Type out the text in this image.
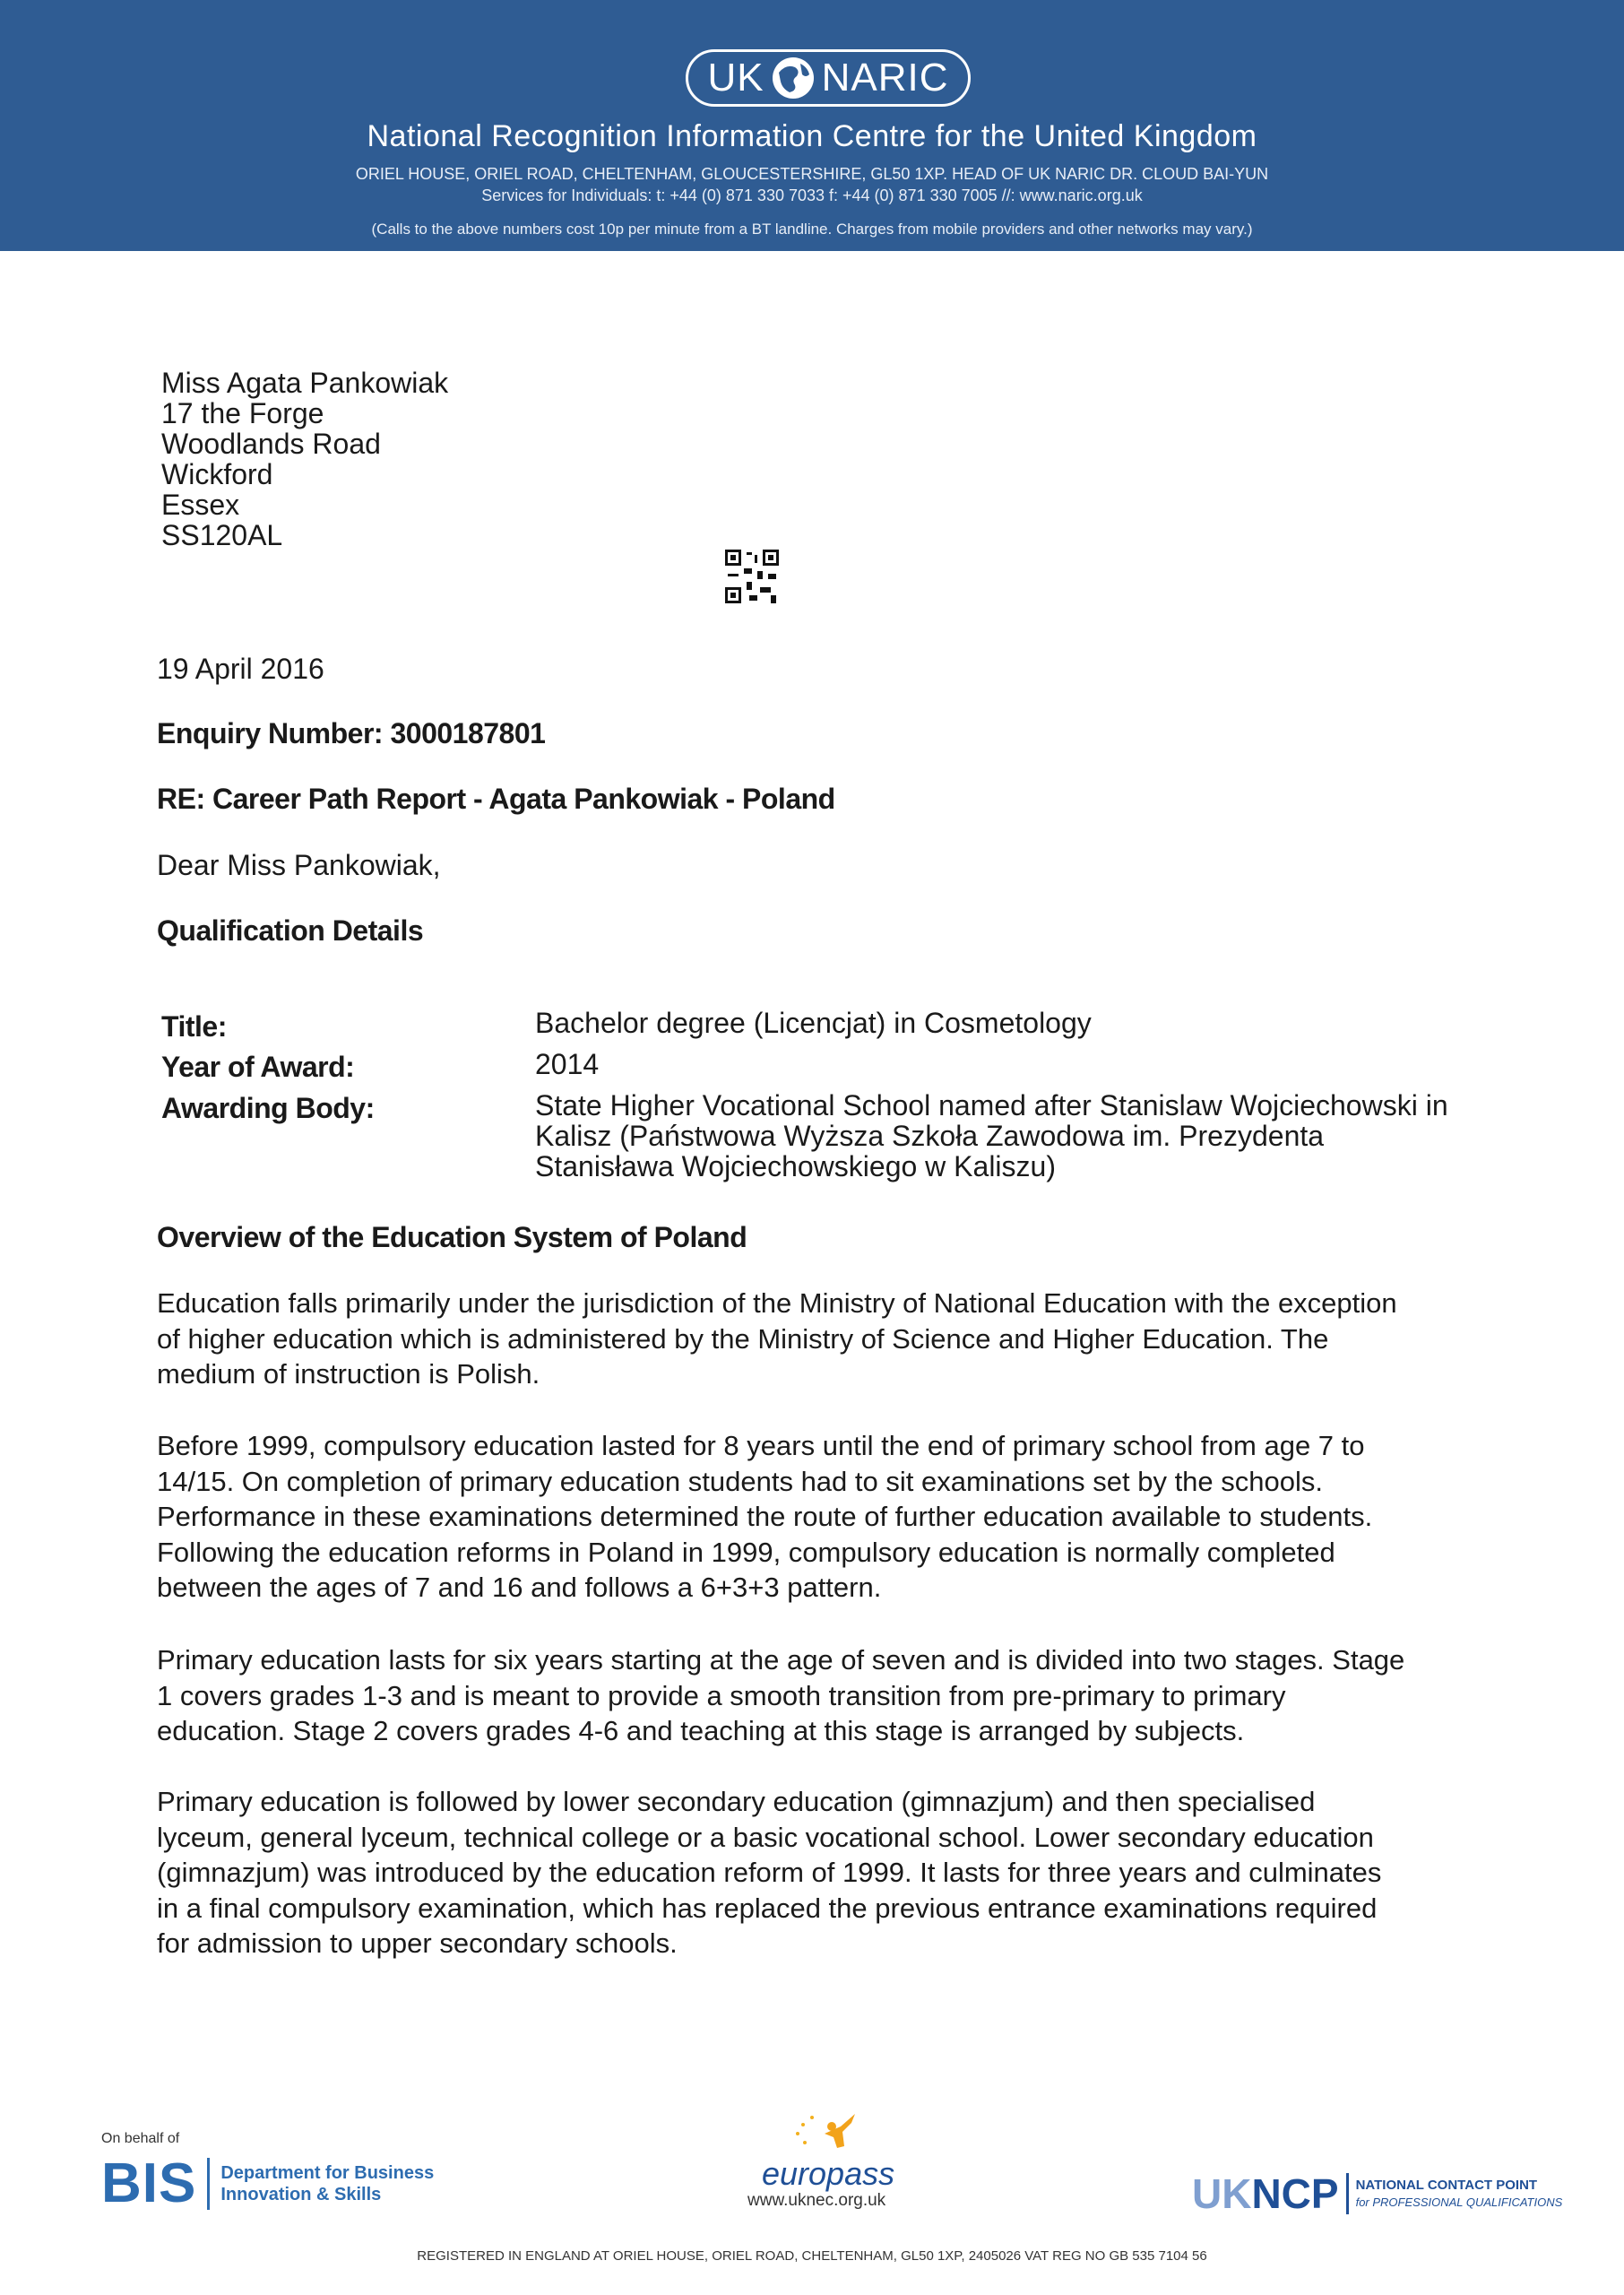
UK NARIC
National Recognition Information Centre for the United Kingdom
ORIEL HOUSE, ORIEL ROAD, CHELTENHAM, GLOUCESTERSHIRE, GL50 1XP. HEAD OF UK NARIC DR. CLOUD BAI-YUN
Services for Individuals: t: +44 (0) 871 330 7033 f: +44 (0) 871 330 7005 //: www.naric.org.uk
(Calls to the above numbers cost 10p per minute from a BT landline. Charges from mobile providers and other networks may vary.)
Miss Agata Pankowiak
17 the Forge
Woodlands Road
Wickford
Essex
SS120AL
19 April 2016
Enquiry Number: 3000187801
RE: Career Path Report - Agata Pankowiak - Poland
Dear Miss Pankowiak,
Qualification Details
Title:	Bachelor degree (Licencjat) in Cosmetology
Year of Award:	2014
Awarding Body:	State Higher Vocational School named after Stanislaw Wojciechowski in
Kalisz (Państwowa Wyższa Szkoła Zawodowa im. Prezydenta
Stanisława Wojciechowskiego w Kaliszu)
Overview of the Education System of Poland
Education falls primarily under the jurisdiction of the Ministry of National Education with the exception
of higher education which is administered by the Ministry of Science and Higher Education. The
medium of instruction is Polish.
Before 1999, compulsory education lasted for 8 years until the end of primary school from age 7 to
14/15. On completion of primary education students had to sit examinations set by the schools.
Performance in these examinations determined the route of further education available to students.
Following the education reforms in Poland in 1999, compulsory education is normally completed
between the ages of 7 and 16 and follows a 6+3+3 pattern.
Primary education lasts for six years starting at the age of seven and is divided into two stages. Stage
1 covers grades 1-3 and is meant to provide a smooth transition from pre-primary to primary
education. Stage 2 covers grades 4-6 and teaching at this stage is arranged by subjects.
Primary education is followed by lower secondary education (gimnazjum) and then specialised
lyceum, general lyceum, technical college or a basic vocational school. Lower secondary education
(gimnazjum) was introduced by the education reform of 1999. It lasts for three years and culminates
in a final compulsory examination, which has replaced the previous entrance examinations required
for admission to upper secondary schools.
On behalf of
BIS Department for Business
Innovation & Skills
europass
www.uknec.org.uk	UK NCP NATIONAL CONTACT POINT
for PROFESSIONAL QUALIFICATIONS
REGISTERED IN ENGLAND AT ORIEL HOUSE, ORIEL ROAD, CHELTENHAM, GL50 1XP, 2405026 VAT REG NO GB 535 7104 56
